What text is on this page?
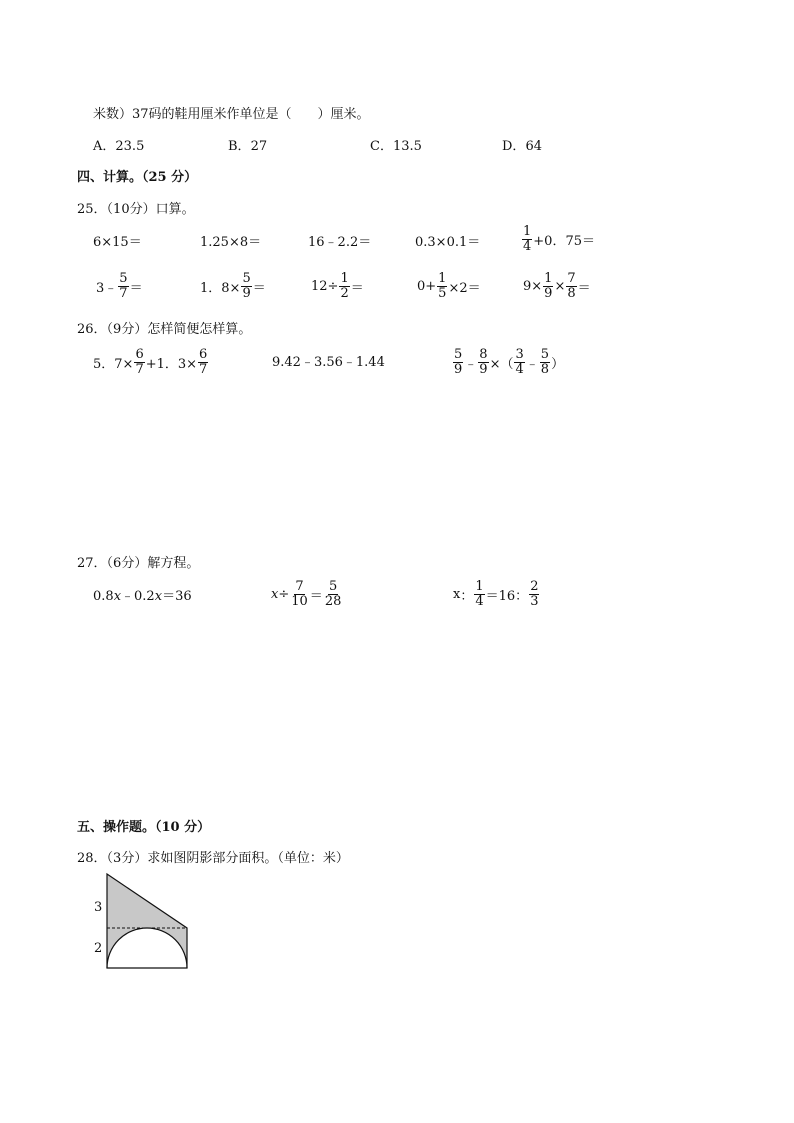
米数）37码的鞋用厘米作单位是（　　）厘米。
A．23.5	B．27	C．13.5	D．64
四、计算。（25 分）
25．（10分）口算。
6×15＝	1.25×8＝	16﹣2.2＝	0.3×0.1＝	$\frac{1}{4} +0$．75＝
3﹣ $\frac{5}{7}$ ＝	1．$8\times \frac{5}{9}$ ＝	$12\div \frac{1}{2}$ ＝	$0+ \frac{1}{5} \times 2=$	$9\times \frac{1}{9} \times \frac{7}{8}$ ＝
26．（9分）怎样简便怎样算。
5．$7\times \frac{6}{7} +1$．$3\times \frac{6}{7}$	9.42﹣3.56﹣1.44	$\frac{5}{9}$ ﹣ $\frac{8}{9}$ ×（ $\frac{3}{4}$ ﹣ $\frac{5}{8}$ ）
27．（6分）解方程。
0.8x﹣0.2x＝36	$x \div \frac{7}{10} = \frac{5}{28}$	x ： $\frac{1}{4} =16$： $\frac{2}{3}$
五、操作题。（10 分）
28．（3分）求如图阴影部分面积。（单位：米）
3
2
